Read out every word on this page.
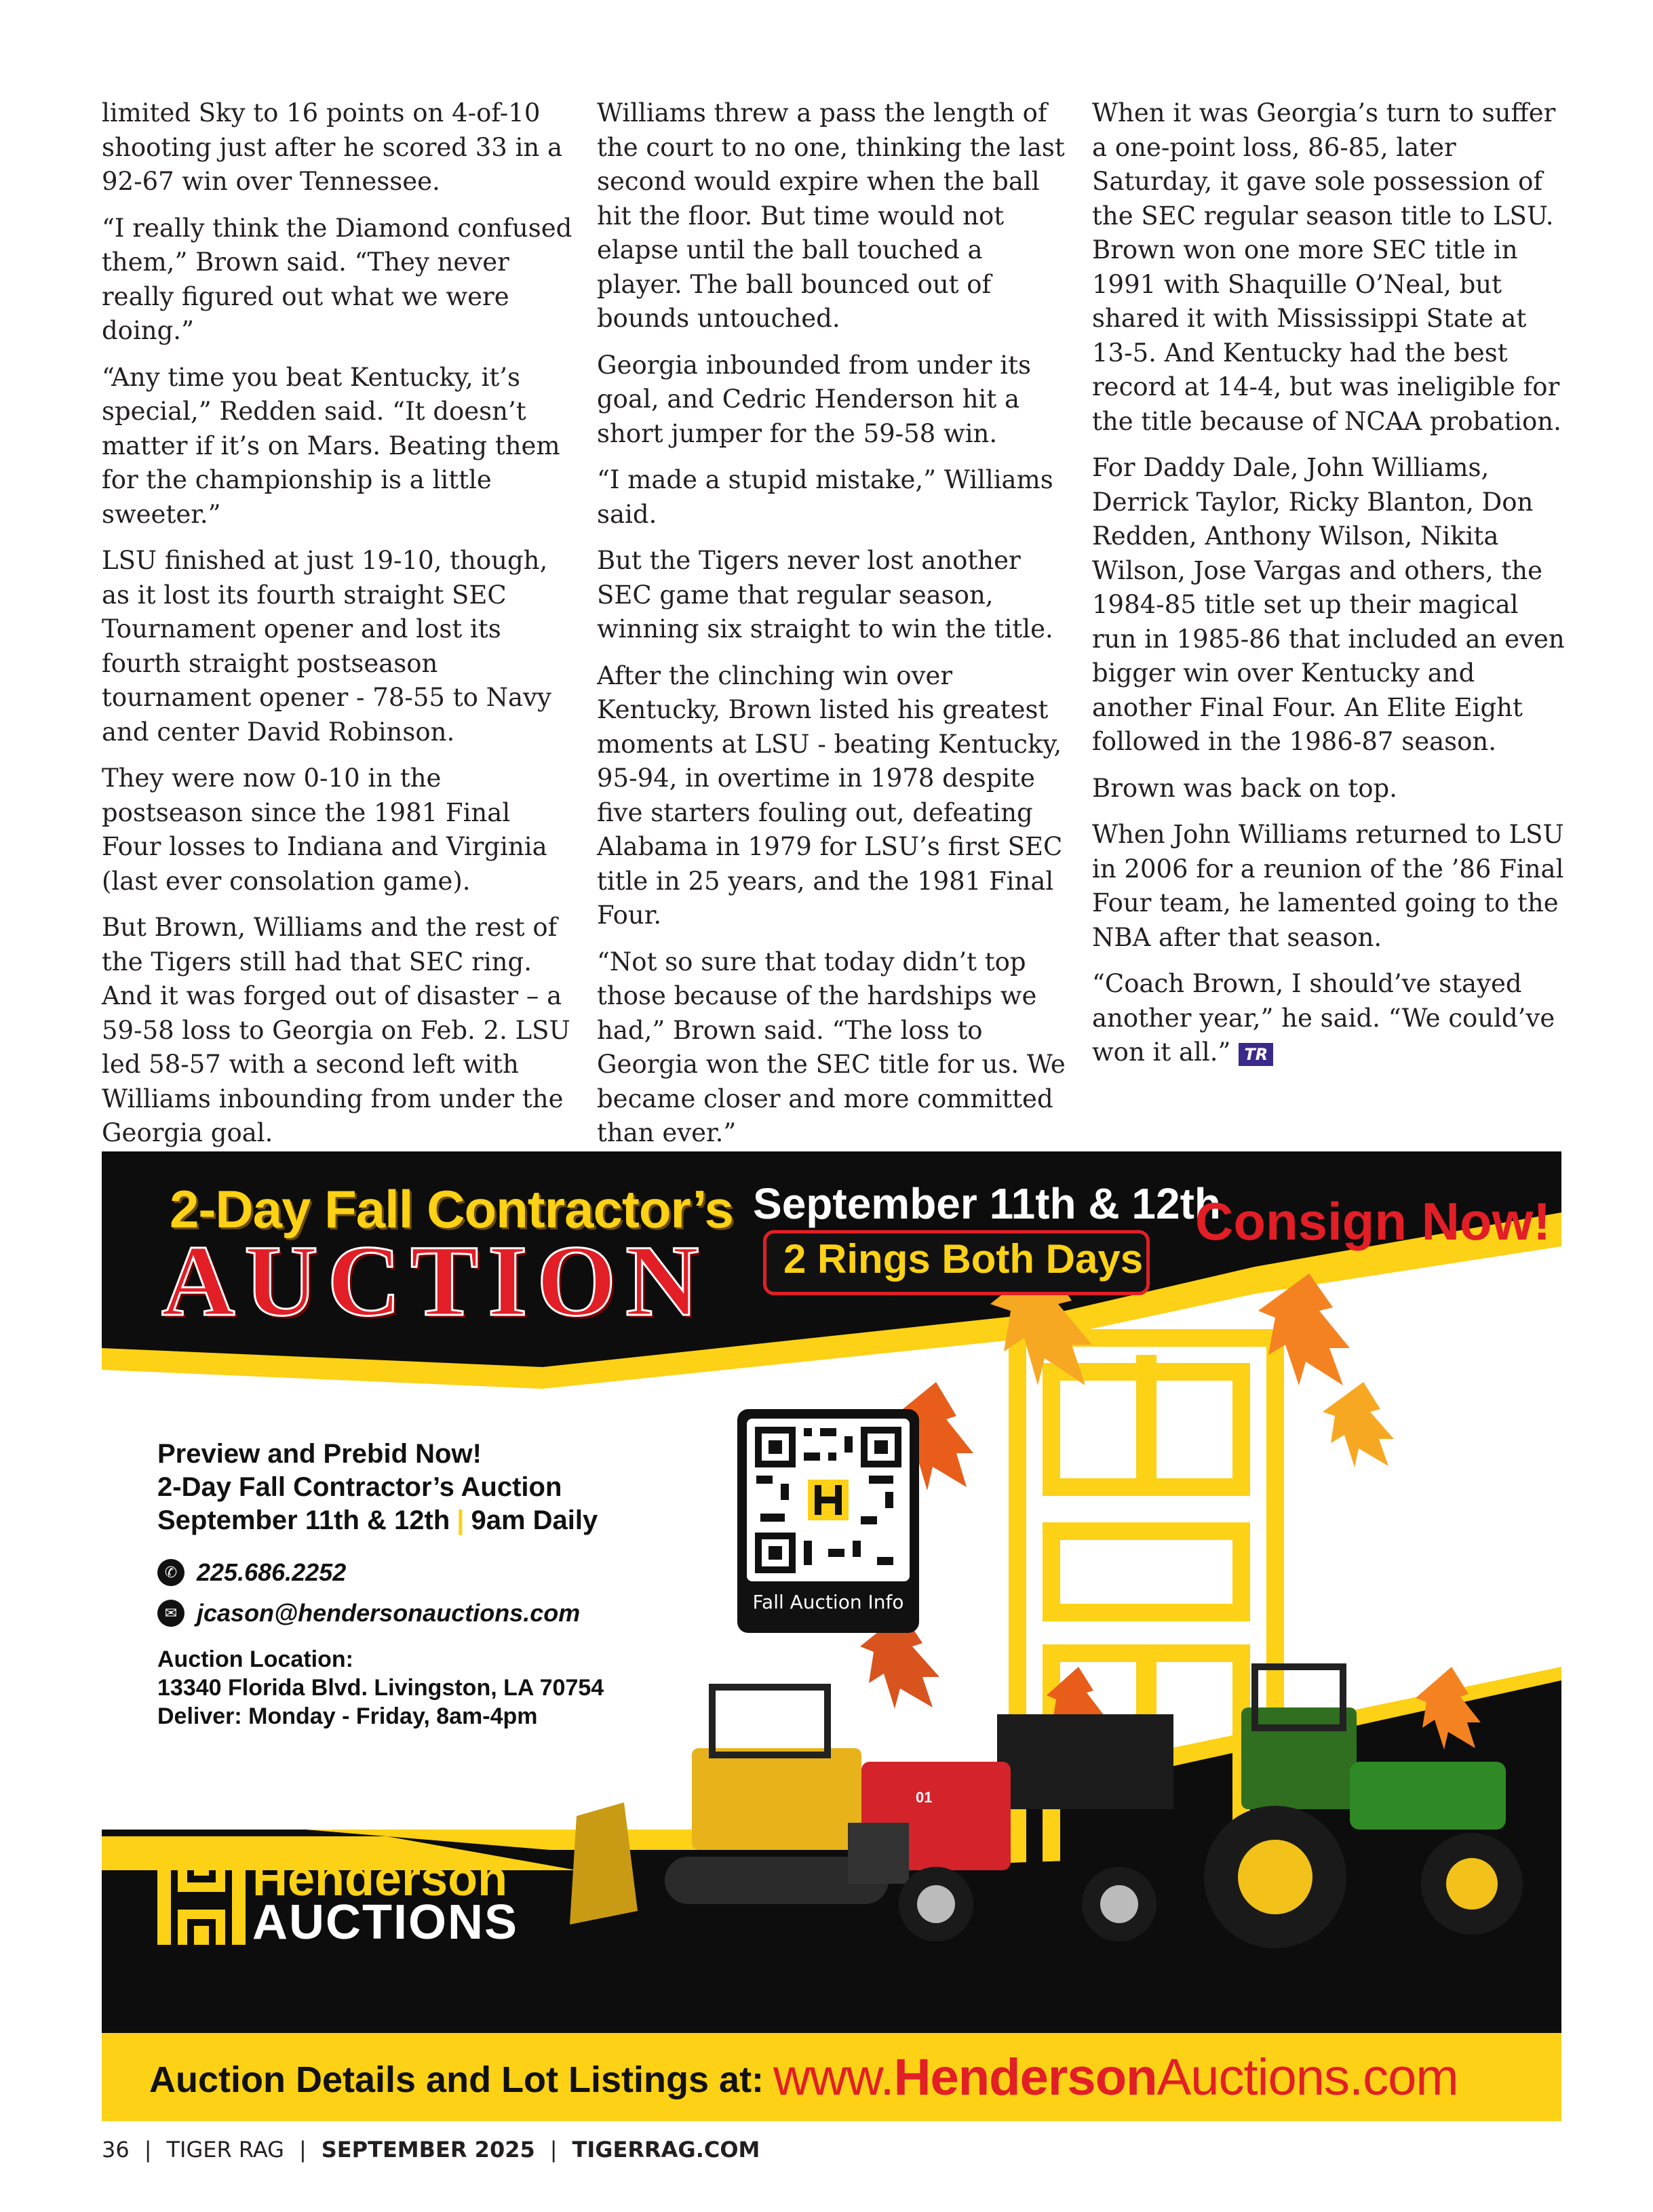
limited Sky to 16 points on 4-of-10 shooting just after he scored 33 in a 92-67 win over Tennessee.

“I really think the Diamond confused them,” Brown said. “They never really figured out what we were doing.”

“Any time you beat Kentucky, it’s special,” Redden said. “It doesn’t matter if it’s on Mars. Beating them for the championship is a little sweeter.”

LSU finished at just 19-10, though, as it lost its fourth straight SEC Tournament opener and lost its fourth straight postseason tournament opener - 78-55 to Navy and center David Robinson.

They were now 0-10 in the postseason since the 1981 Final Four losses to Indiana and Virginia (last ever consolation game).

But Brown, Williams and the rest of the Tigers still had that SEC ring. And it was forged out of disaster – a 59-58 loss to Georgia on Feb. 2. LSU led 58-57 with a second left with Williams inbounding from under the Georgia goal.

Williams threw a pass the length of the court to no one, thinking the last second would expire when the ball hit the floor. But time would not elapse until the ball touched a player. The ball bounced out of bounds untouched.

Georgia inbounded from under its goal, and Cedric Henderson hit a short jumper for the 59-58 win.

“I made a stupid mistake,” Williams said.

But the Tigers never lost another SEC game that regular season, winning six straight to win the title.

After the clinching win over Kentucky, Brown listed his greatest moments at LSU - beating Kentucky, 95-94, in overtime in 1978 despite five starters fouling out, defeating Alabama in 1979 for LSU’s first SEC title in 25 years, and the 1981 Final Four.

“Not so sure that today didn’t top those because of the hardships we had,” Brown said. “The loss to Georgia won the SEC title for us. We became closer and more committed than ever.”

When it was Georgia’s turn to suffer a one-point loss, 86-85, later Saturday, it gave sole possession of the SEC regular season title to LSU. Brown won one more SEC title in 1991 with Shaquille O’Neal, but shared it with Mississippi State at 13-5. And Kentucky had the best record at 14-4, but was ineligible for the title because of NCAA probation.

For Daddy Dale, John Williams, Derrick Taylor, Ricky Blanton, Don Redden, Anthony Wilson, Nikita Wilson, Jose Vargas and others, the 1984-85 title set up their magical run in 1985-86 that included an even bigger win over Kentucky and another Final Four. An Elite Eight followed in the 1986-87 season.

Brown was back on top.

When John Williams returned to LSU in 2006 for a reunion of the ’86 Final Four team, he lamented going to the NBA after that season.

“Coach Brown, I should’ve stayed another year,” he said. “We could’ve won it all.” TR

01
2-Day Fall Contractor’s
AUCTION
September 11th & 12th
2 Rings Both Days
Consign Now!
Preview and Prebid Now!
2-Day Fall Contractor’s Auction
September 11th & 12th | 9am Daily
✆ 225.686.2252
✉ jcason@hendersonauctions.com
Auction Location:
13340 Florida Blvd. Livingston, LA 70754
Deliver: Monday - Friday, 8am-4pm
Fall Auction Info
Henderson
AUCTIONS
Auction Details and Lot Listings at: www.HendersonAuctions.com
36 | TIGER RAG | SEPTEMBER 2025 | TIGERRAG.COM
